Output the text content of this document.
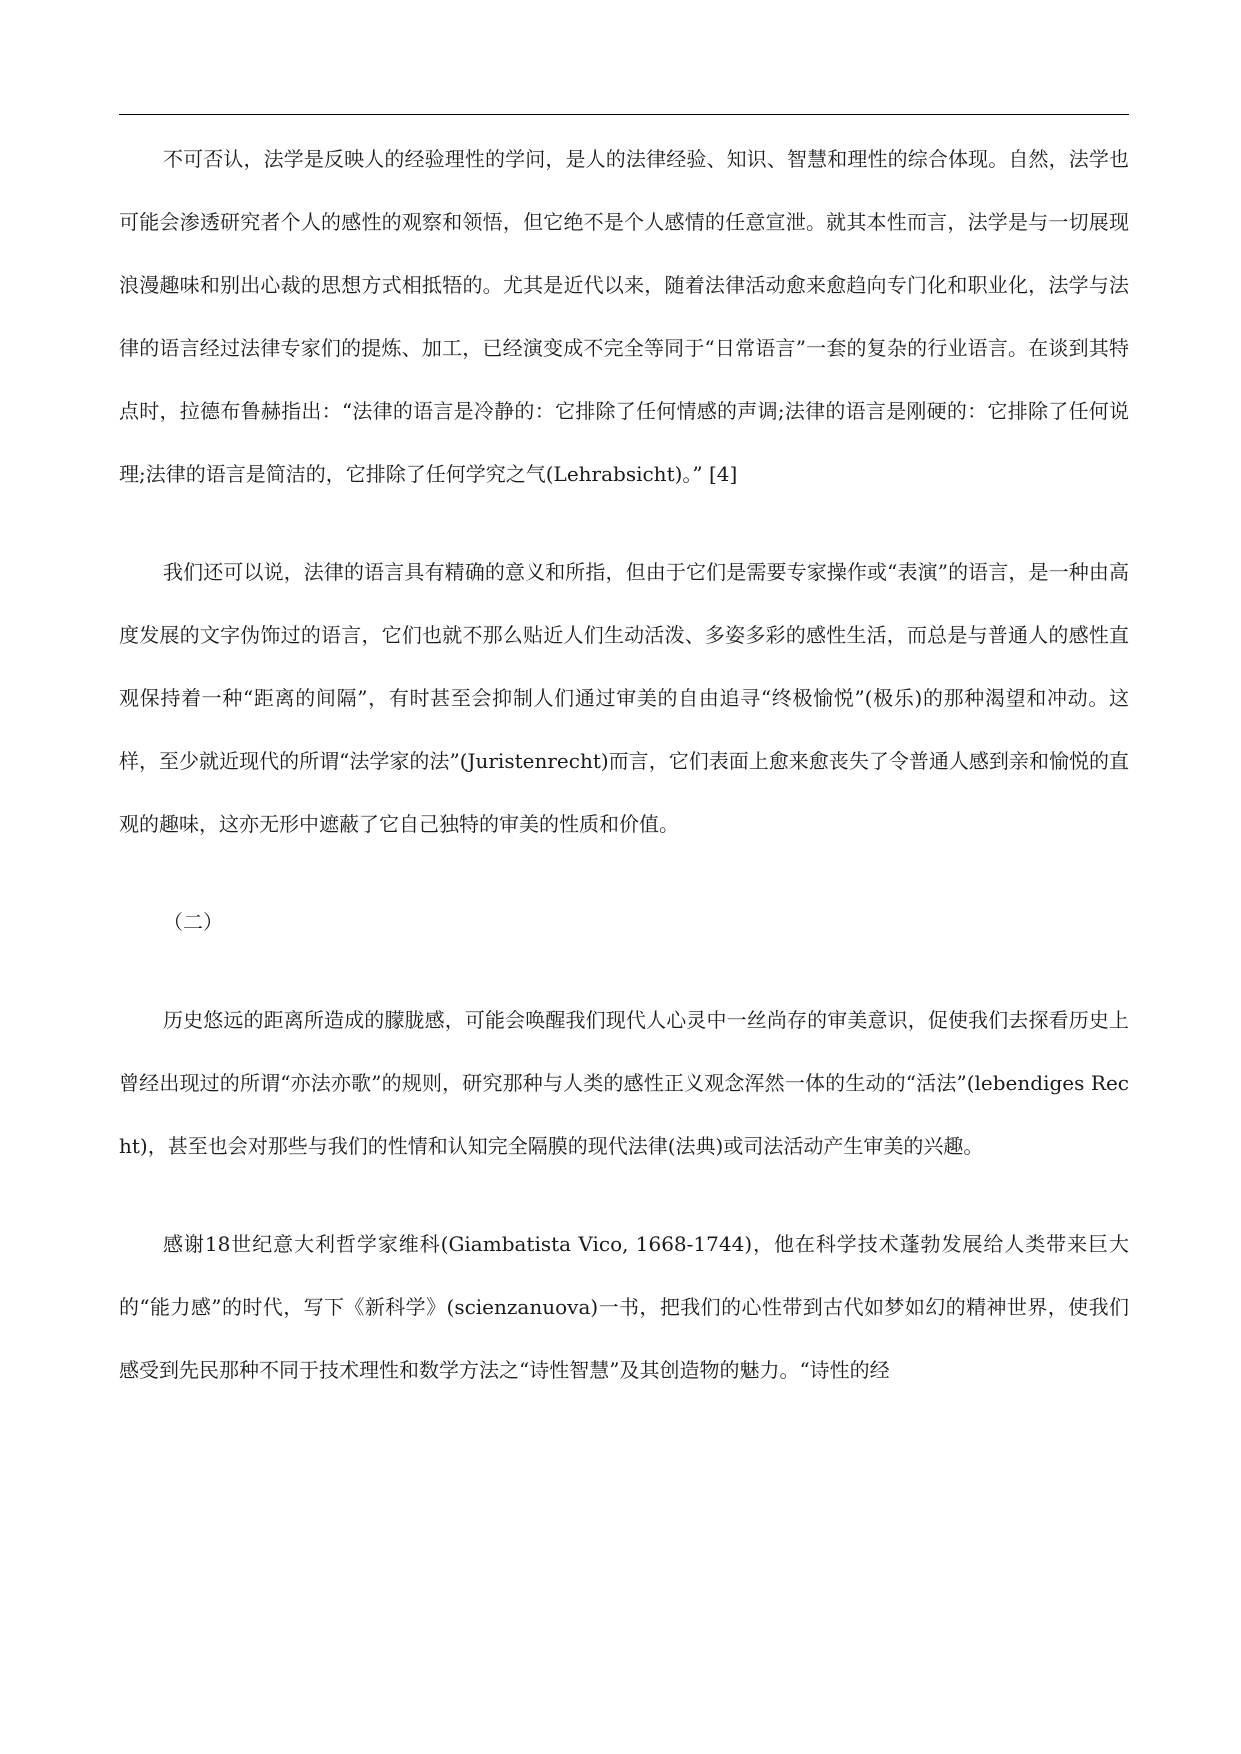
不可否认，法学是反映人的经验理性的学问，是人的法律经验、知识、智慧和理性的综合体现。自然，法学也可能会渗透研究者个人的感性的观察和领悟，但它绝不是个人感情的任意宣泄。就其本性而言，法学是与一切展现浪漫趣味和别出心裁的思想方式相抵牾的。尤其是近代以来，随着法律活动愈来愈趋向专门化和职业化，法学与法律的语言经过法律专家们的提炼、加工，已经演变成不完全等同于“日常语言”一套的复杂的行业语言。在谈到其特点时，拉德布鲁赫指出：“法律的语言是冷静的：它排除了任何情感的声调;法律的语言是刚硬的：它排除了任何说理;法律的语言是简洁的，它排除了任何学究之气(Lehrabsicht)。” [4]

我们还可以说，法律的语言具有精确的意义和所指，但由于它们是需要专家操作或“表演”的语言，是一种由高度发展的文字伪饰过的语言，它们也就不那么贴近人们生动活泼、多姿多彩的感性生活，而总是与普通人的感性直观保持着一种“距离的间隔”，有时甚至会抑制人们通过审美的自由追寻“终极愉悦”(极乐)的那种渴望和冲动。这样，至少就近现代的所谓“法学家的法”(Juristenrecht)而言，它们表面上愈来愈丧失了令普通人感到亲和愉悦的直观的趣味，这亦无形中遮蔽了它自己独特的审美的性质和价值。

（二）

历史悠远的距离所造成的朦胧感，可能会唤醒我们现代人心灵中一丝尚存的审美意识，促使我们去探看历史上曾经出现过的所谓“亦法亦歌”的规则，研究那种与人类的感性正义观念浑然一体的生动的“活法”(lebendiges Recht)，甚至也会对那些与我们的性情和认知完全隔膜的现代法律(法典)或司法活动产生审美的兴趣。

感谢18世纪意大利哲学家维科(Giambatista Vico, 1668-1744)，他在科学技术蓬勃发展给人类带来巨大的“能力感”的时代，写下《新科学》(scienzanuova)一书，把我们的心性带到古代如梦如幻的精神世界，使我们感受到先民那种不同于技术理性和数学方法之“诗性智慧”及其创造物的魅力。“诗性的经
